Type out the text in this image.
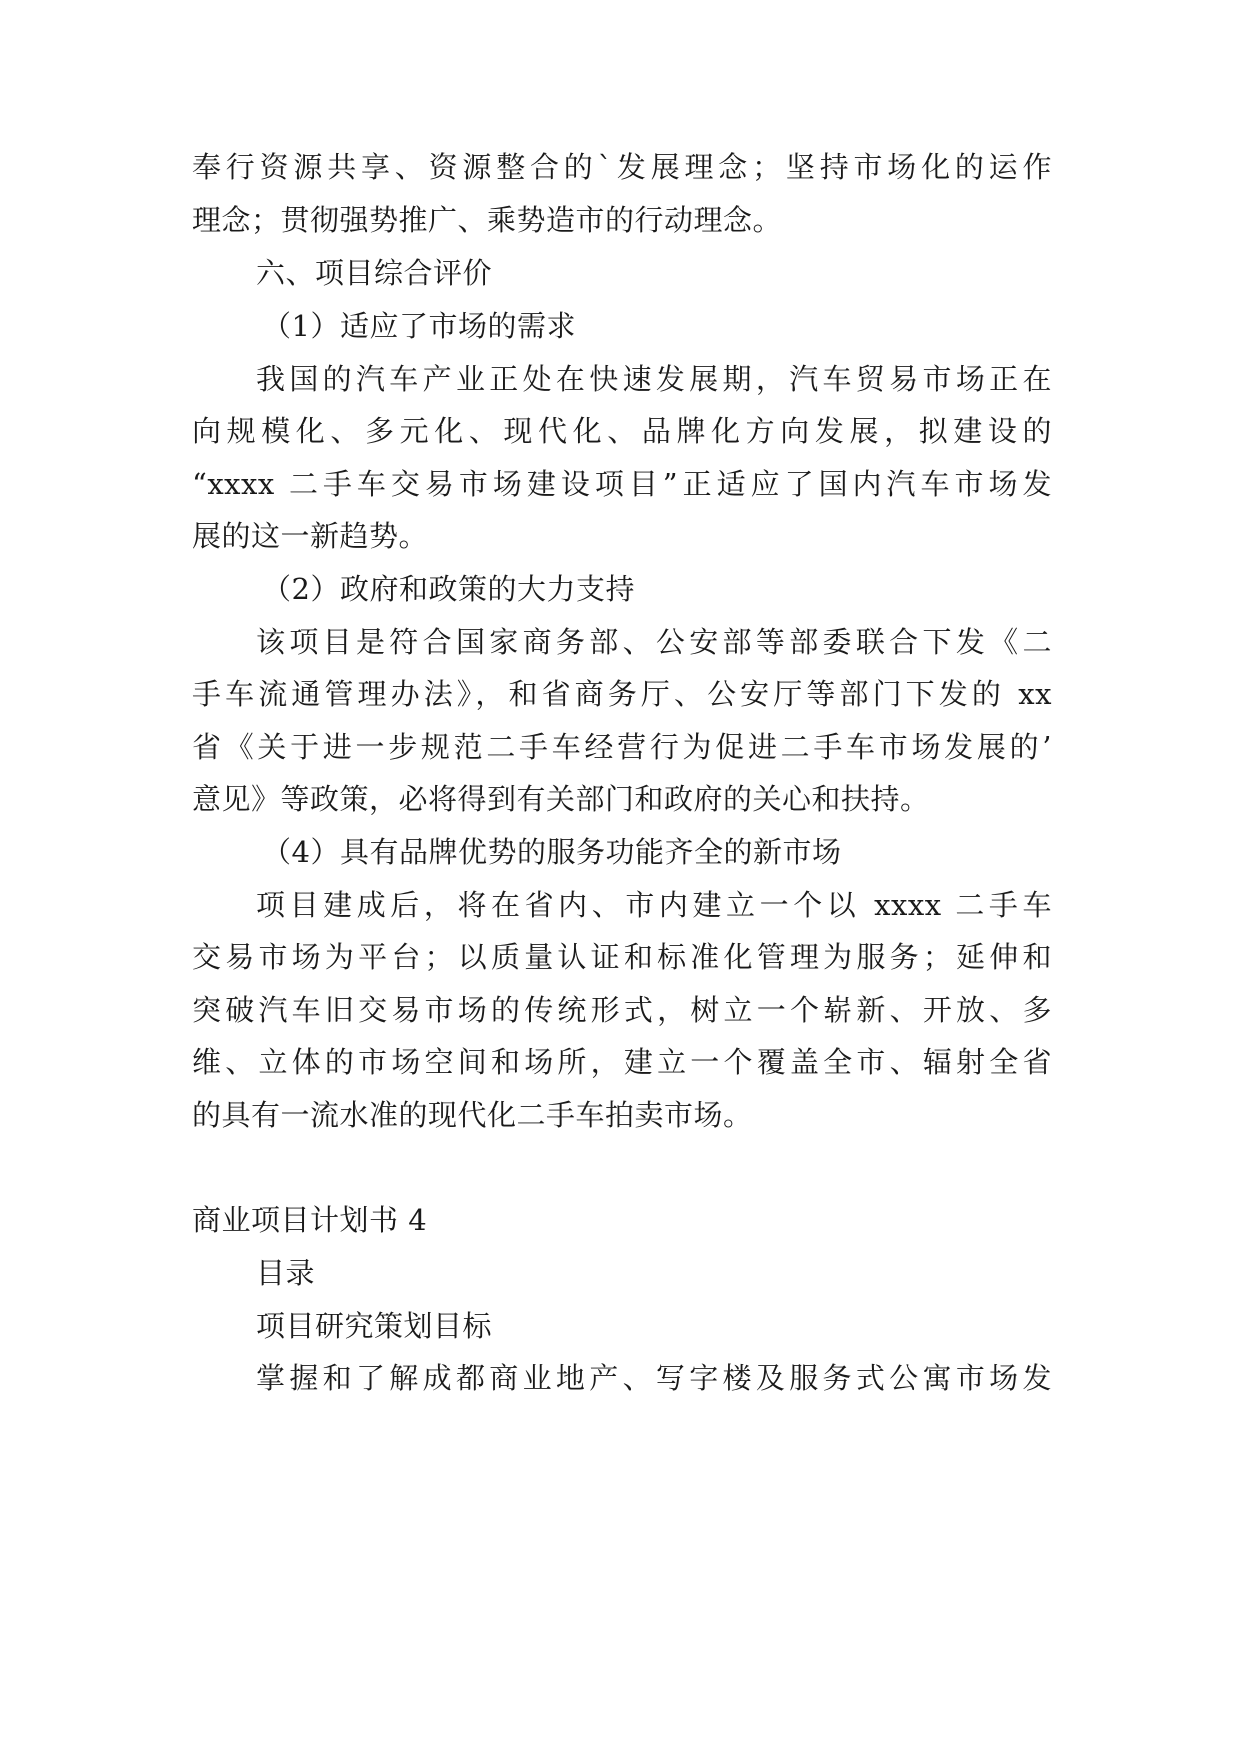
奉行资源共享、资源整合的`发展理念；坚持市场化的运作
理念；贯彻强势推广、乘势造市的行动理念。
六、项目综合评价
（1）适应了市场的需求
我国的汽车产业正处在快速发展期，汽车贸易市场正在
向规模化、多元化、现代化、品牌化方向发展，拟建设的
“xxxx 二手车交易市场建设项目”正适应了国内汽车市场发
展的这一新趋势。
（2）政府和政策的大力支持
该项目是符合国家商务部、公安部等部委联合下发《二
手车流通管理办法》，和省商务厅、公安厅等部门下发的 xx
省《关于进一步规范二手车经营行为促进二手车市场发展的’
意见》等政策，必将得到有关部门和政府的关心和扶持。
（4）具有品牌优势的服务功能齐全的新市场
项目建成后，将在省内、市内建立一个以 xxxx 二手车
交易市场为平台；以质量认证和标准化管理为服务；延伸和
突破汽车旧交易市场的传统形式，树立一个崭新、开放、多
维、立体的市场空间和场所，建立一个覆盖全市、辐射全省
的具有一流水准的现代化二手车拍卖市场。
商业项目计划书 4
目录
项目研究策划目标
掌握和了解成都商业地产、写字楼及服务式公寓市场发
